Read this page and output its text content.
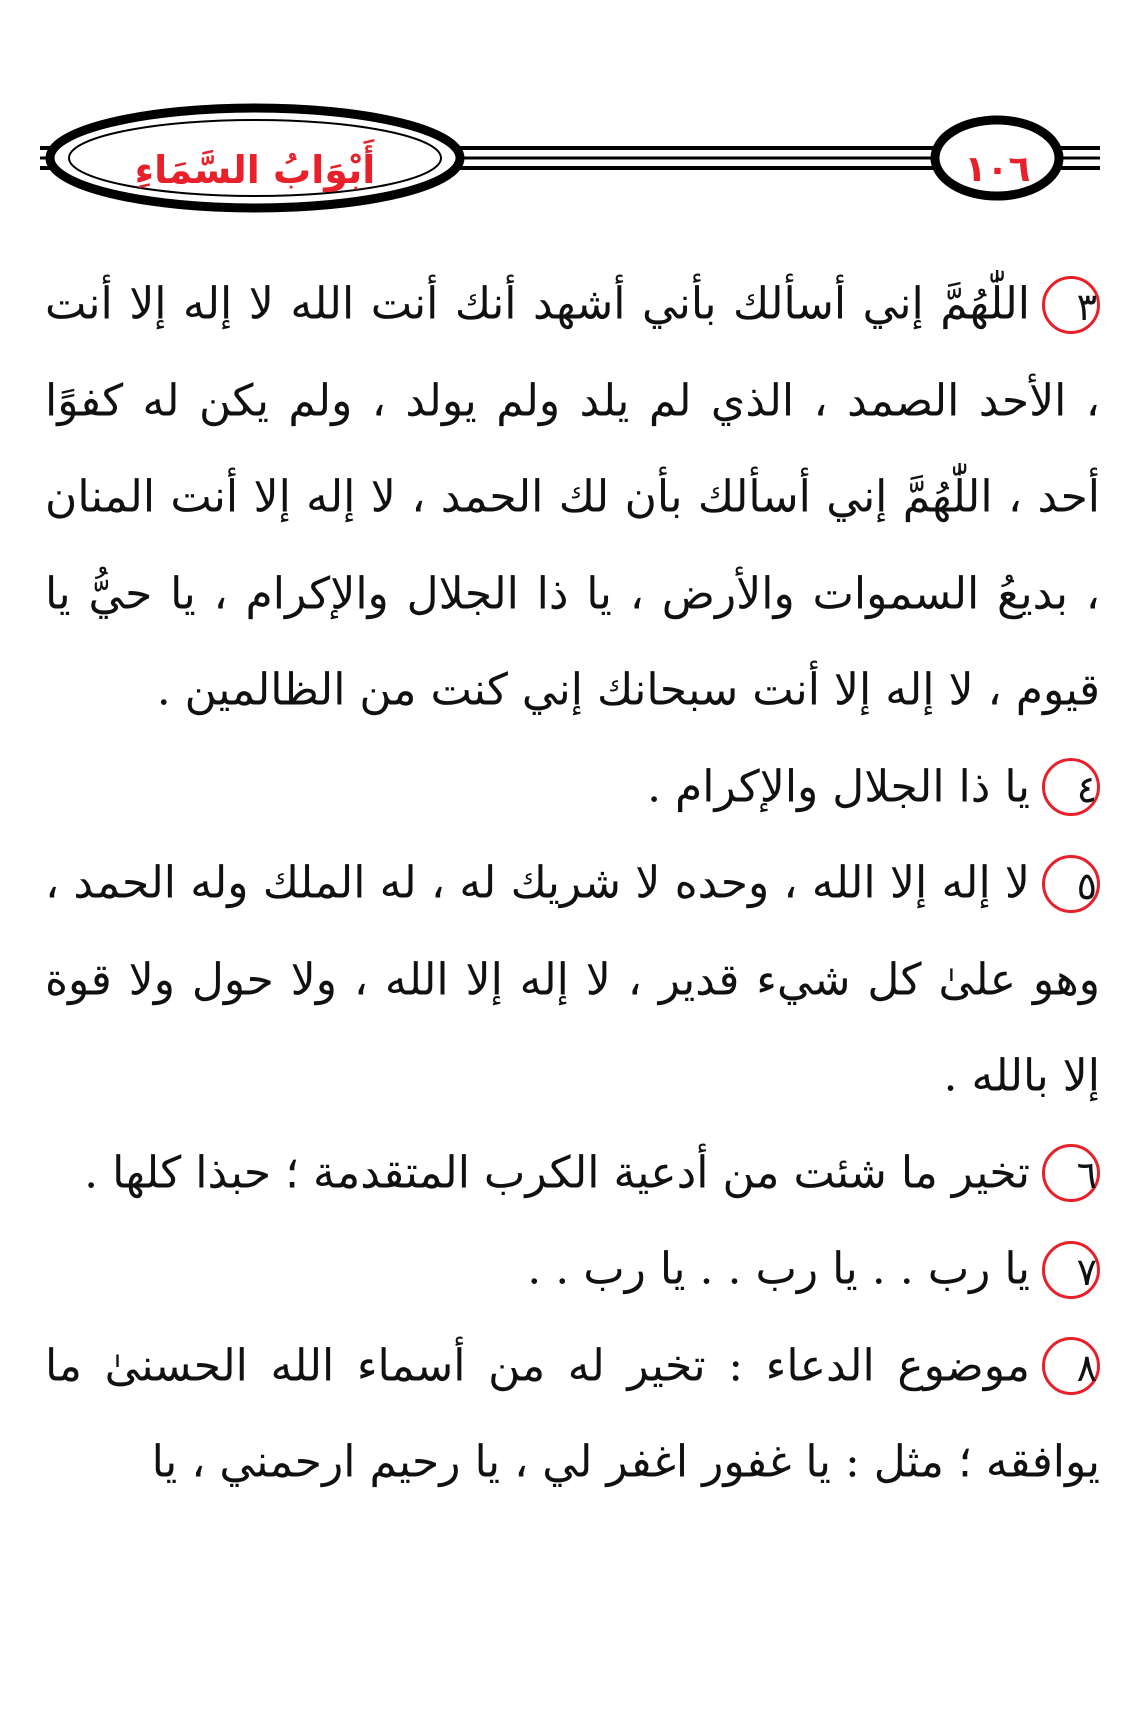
أَبْوَابُ السَّمَاءِ	١٠٦

٣اللّٰهُمَّ إني أسألك بأني أشهد أنك أنت الله لا إله إلا أنت ، الأحد الصمد ، الذي لم يلد ولم يولد ، ولم يكن له كفوًا أحد ، اللّٰهُمَّ إني أسألك بأن لك الحمد ، لا إله إلا أنت المنان ، بديعُ السموات والأرض ، يا ذا الجلال والإكرام ، يا حيُّ يا قيوم ، لا إله إلا أنت سبحانك إني كنت من الظالمين .

٤يا ذا الجلال والإكرام .

٥لا إله إلا الله ، وحده لا شريك له ، له الملك وله الحمد ، وهو علىٰ كل شيء قدير ، لا إله إلا الله ، ولا حول ولا قوة إلا بالله .

٦تخير ما شئت من أدعية الكرب المتقدمة ؛ حبذا كلها .

٧يا رب . . يا رب . . يا رب . .

٨موضوع الدعاء : تخير له من أسماء الله الحسنىٰ ما يوافقه ؛ مثل : يا غفور اغفر لي ، يا رحيم ارحمني ، يا
